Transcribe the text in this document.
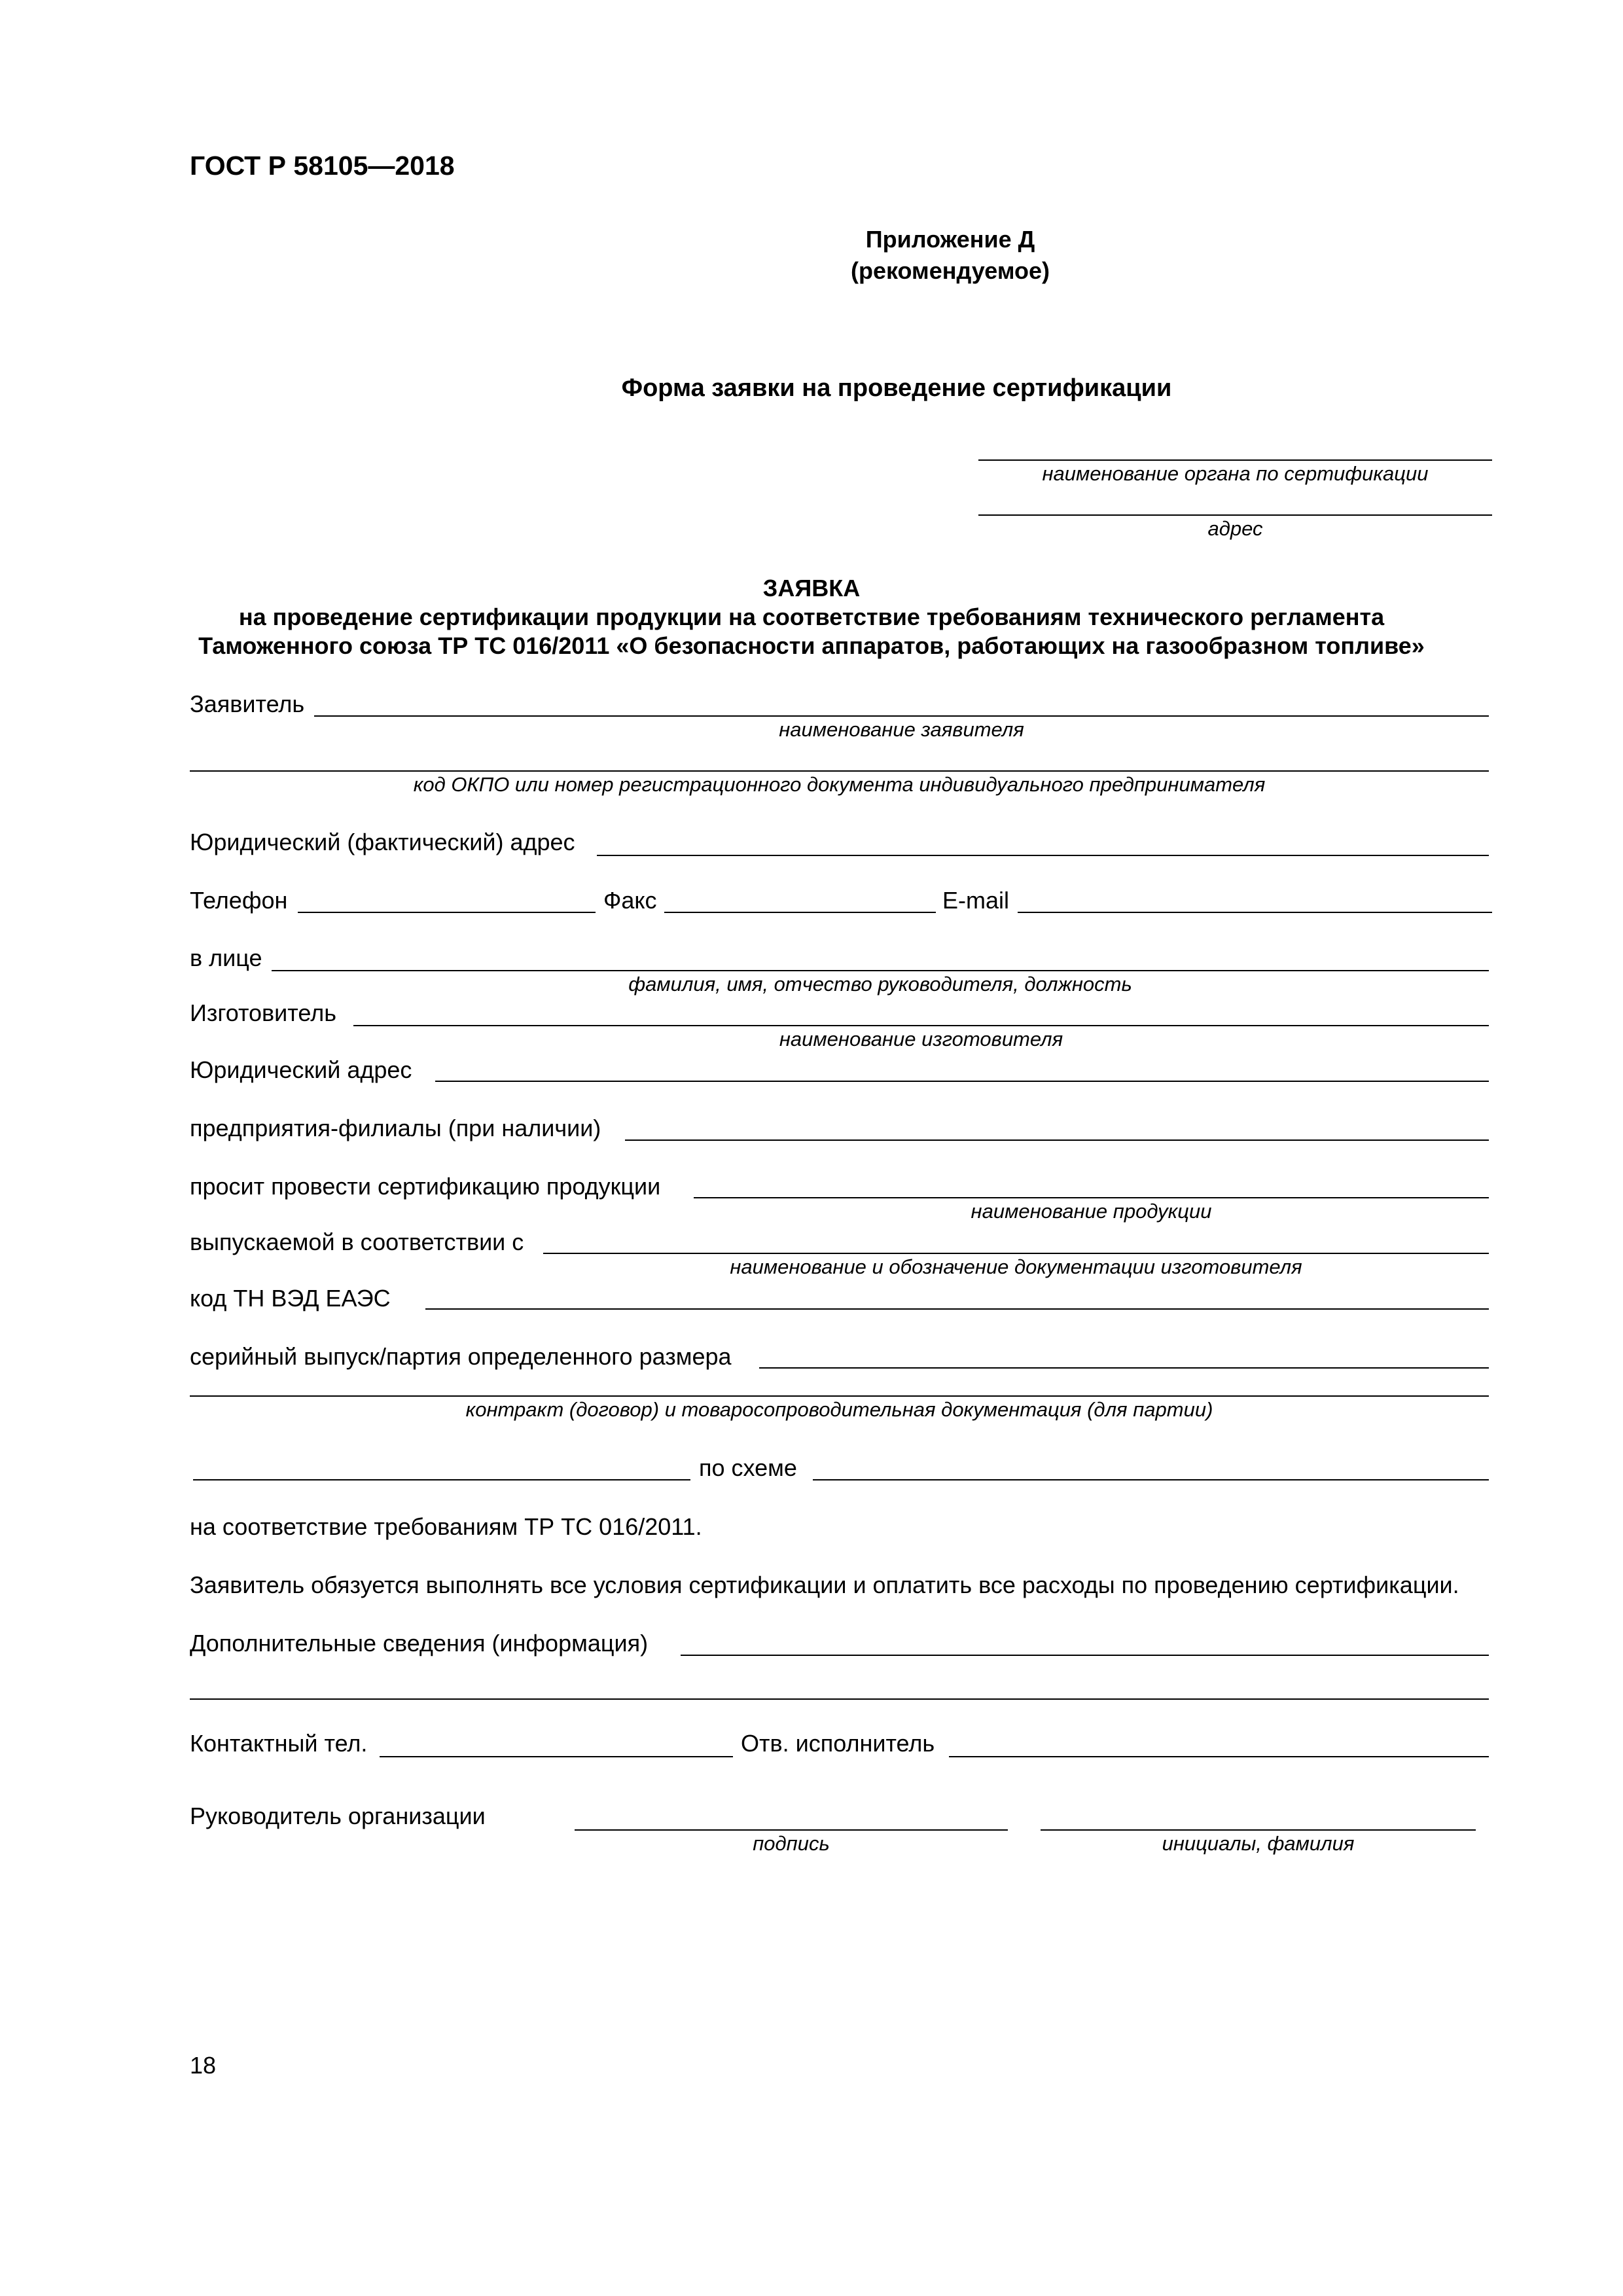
ГОСТ Р 58105—2018
Приложение Д
(рекомендуемое)
Форма заявки на проведение сертификации
наименование органа по сертификации
адрес
ЗАЯВКА
на проведение сертификации продукции на соответствие требованиям технического регламента
Таможенного союза ТР ТС 016/2011 «О безопасности аппаратов, работающих на газообразном топливе»
Заявитель
наименование заявителя
код ОКПО или номер регистрационного документа индивидуального предпринимателя
Юридический (фактический) адрес
Телефон	Факс	E-mail
в лице
фамилия, имя, отчество руководителя, должность
Изготовитель
наименование изготовителя
Юридический адрес
предприятия-филиалы (при наличии)
просит провести сертификацию продукции
наименование продукции
выпускаемой в соответствии с
наименование и обозначение документации изготовителя
код ТН ВЭД ЕАЭС
серийный выпуск/партия определенного размера
контракт (договор) и товаросопроводительная документация (для партии)
по схеме
на соответствие требованиям ТР ТС 016/2011.
Заявитель обязуется выполнять все условия сертификации и оплатить все расходы по проведению сертификации.
Дополнительные сведения (информация)
Контактный тел.	Отв. исполнитель
Руководитель организации
подпись	инициалы, фамилия
18
